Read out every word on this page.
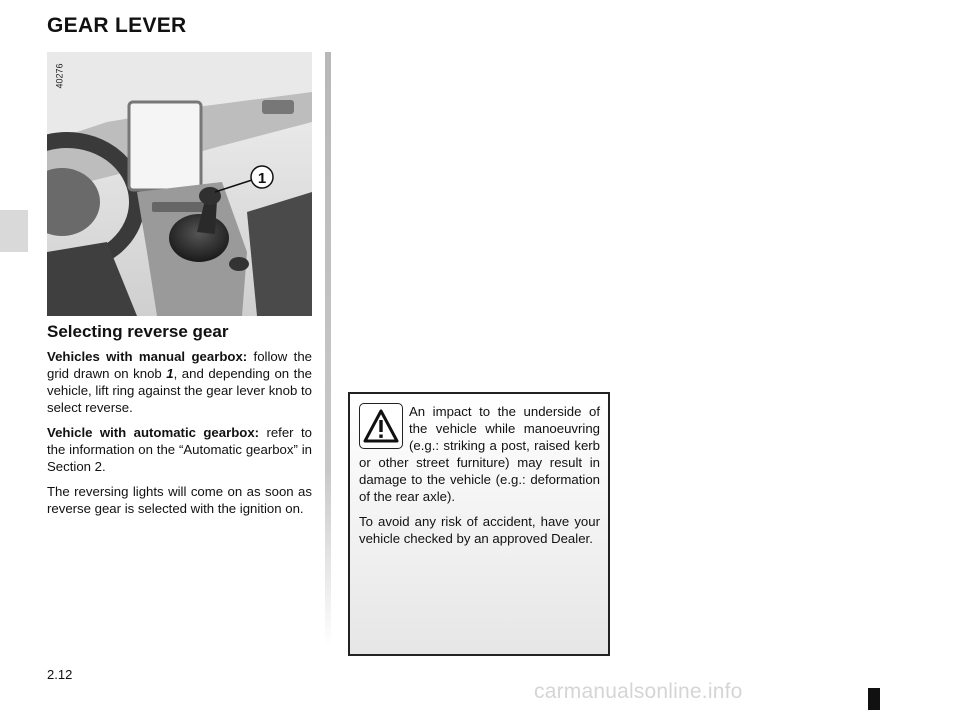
GEAR LEVER
1
40276
Selecting reverse gear

Vehicles with manual gearbox: follow the grid drawn on knob 1, and depending on the vehicle, lift ring against the gear lever knob to select reverse.

Vehicle with automatic gearbox: refer to the information on the “Automatic gearbox” in Section 2.

The reversing lights will come on as soon as reverse gear is selected with the ignition on.

An impact to the underside of the vehicle while manoeuvring (e.g.: striking a post, raised kerb or other street furniture) may result in damage to the vehicle (e.g.: deformation of the rear axle).

To avoid any risk of accident, have your vehicle checked by an approved Dealer.

2.12
carmanualsonline.info
